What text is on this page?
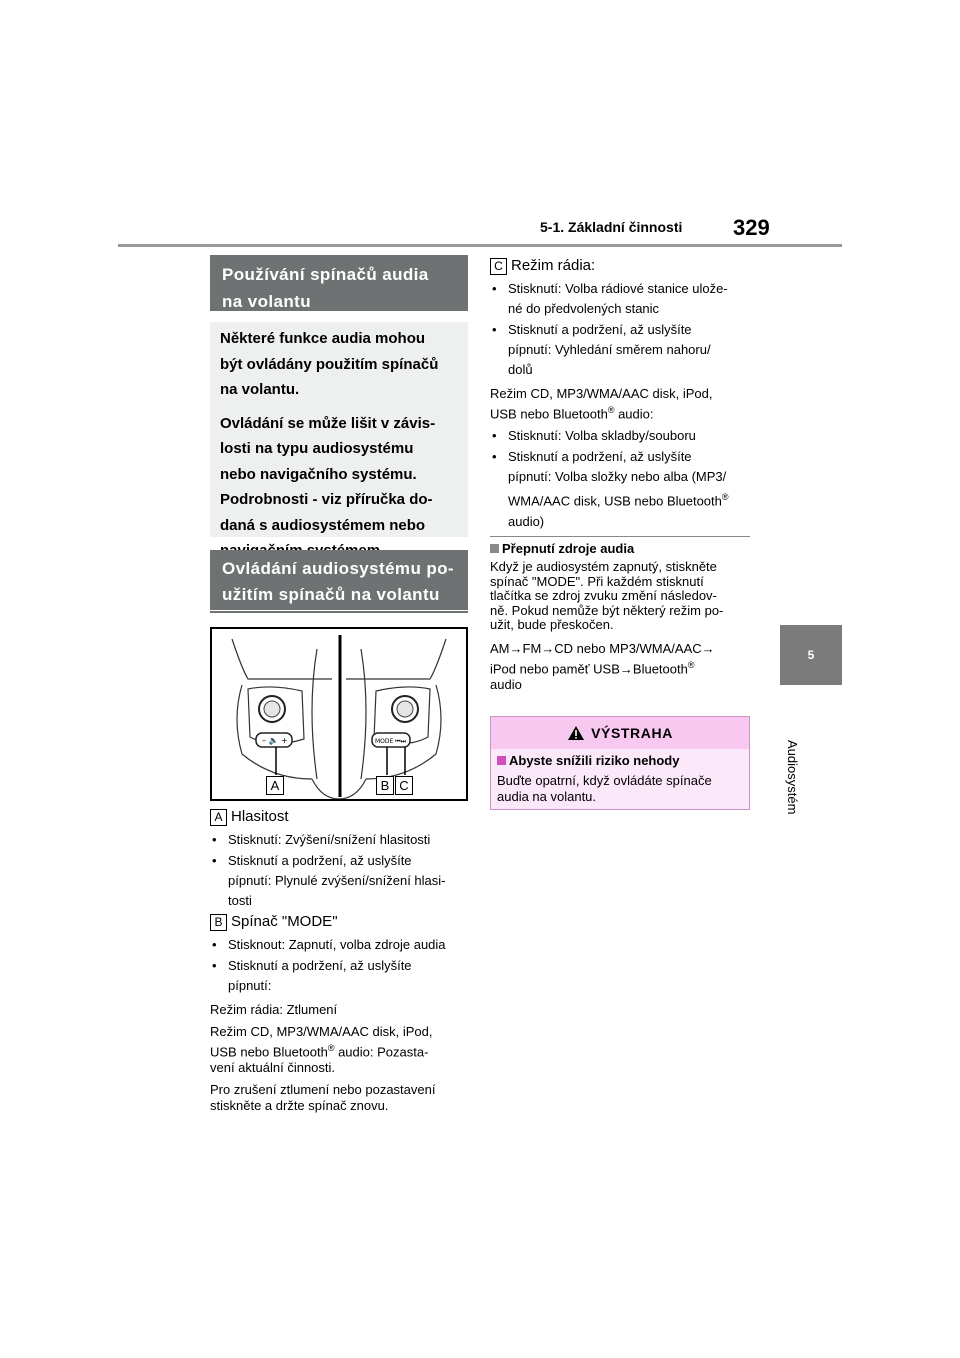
5-1. Základní činnosti 329
5
Audiosystém
Používání spínačů audia
na volantu

Některé funkce audia mohou
být ovládány použitím spínačů
na volantu.

Ovládání se může lišit v závis-
losti na typu audiosystému
nebo navigačního systému.
Podrobnosti - viz příručka do-
daná s audiosystémem nebo

Ovládání audiosystému po-
užitím spínačů na volantu
– 🔈 +	MODE ⏮⏭
A	B C
A Hlasitost
• Stisknutí: Zvýšení/snížení hlasitosti
• Stisknutí a podržení, až uslyšíte
pípnutí: Plynulé zvýšení/snížení hlasi-
tosti
B Spínač "MODE"
• Stisknout: Zapnutí, volba zdroje audia
• Stisknutí a podržení, až uslyšíte
pípnutí:

Režim rádia: Ztlumení

Režim CD, MP3/WMA/AAC disk, iPod,
USB nebo Bluetooth® audio: Pozasta-
vení aktuální činnosti.

Pro zrušení ztlumení nebo pozastavení
stiskněte a držte spínač znovu.

C Režim rádia:
• Stisknutí: Volba rádiové stanice ulože-
né do předvolených stanic
• Stisknutí a podržení, až uslyšíte
pípnutí: Vyhledání směrem nahoru/
dolů

Režim CD, MP3/WMA/AAC disk, iPod,
USB nebo Bluetooth® audio:

• Stisknutí: Volba skladby/souboru
• Stisknutí a podržení, až uslyšíte
pípnutí: Volba složky nebo alba (MP3/
WMA/AAC disk, USB nebo Bluetooth®
audio)
Přepnutí zdroje audia

Když je audiosystém zapnutý, stiskněte
spínač "MODE". Při každém stisknutí
tlačítka se zdroj zvuku změní následov-
ně. Pokud nemůže být některý režim po-
užit, bude přeskočen.

AM→FM→CD nebo MP3/WMA/AAC→
iPod nebo paměť USB→Bluetooth®
audio

VÝSTRAHA
Abyste snížili riziko nehody
Buďte opatrní, když ovládáte spínače
audia na volantu.
